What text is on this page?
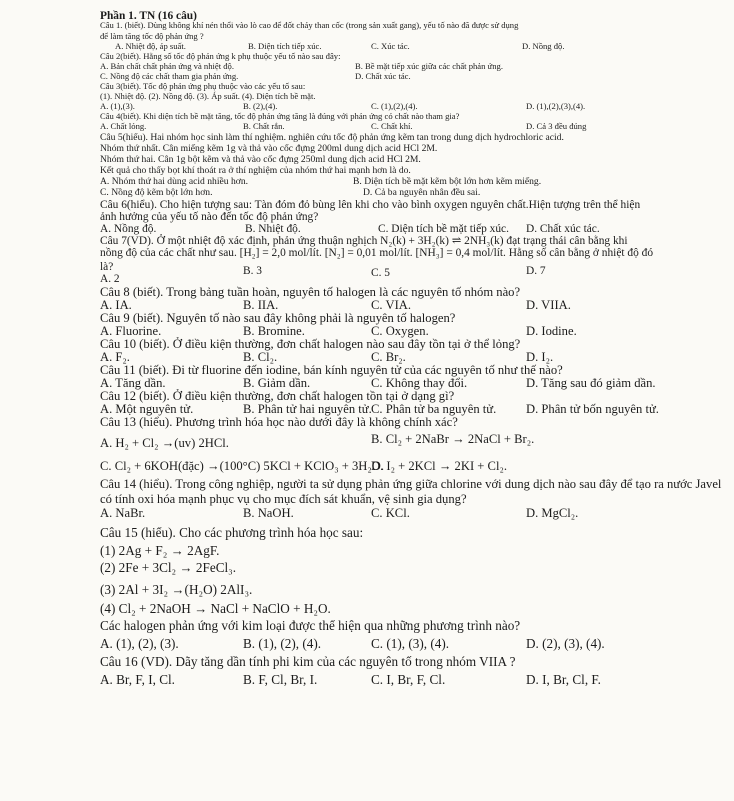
Phần 1. TN (16 câu)
Câu 1. (biết). Dùng không khí nén thổi vào lò cao để đốt cháy than cốc (trong sản xuất gang), yếu tố nào đã được sử dụng
để làm tăng tốc độ phản ứng ?
A. Nhiệt độ, áp suất.	B. Diện tích tiếp xúc.	C. Xúc tác.	D. Nồng độ.
Câu 2(biết). Hằng số tốc độ phản ứng k phụ thuộc yếu tố nào sau đây:
A. Bản chất chất phản ứng và nhiệt độ.	B. Bề mặt tiếp xúc giữa các chất phản ứng.
C. Nồng độ các chất tham gia phản ứng.	D. Chất xúc tác.
Câu 3(biết). Tốc độ phản ứng phụ thuộc vào các yếu tố sau:
(1). Nhiệt độ. (2). Nồng độ. (3). Áp suất. (4). Diện tích bề mặt.
A. (1),(3).	B. (2),(4).	C. (1),(2),(4).	D. (1),(2),(3),(4).
Câu 4(biết). Khi diện tích bề mặt tăng, tốc độ phản ứng tăng là đúng với phản ứng có chất nào tham gia?
A. Chất lỏng.	B. Chất rắn.	C. Chất khí.	D. Cả 3 đều đúng
Câu 5(hiểu). Hai nhóm học sinh làm thí nghiệm. nghiên cứu tốc độ phản ứng kẽm tan trong dung dịch hydrochloric acid.
Nhóm thứ nhất. Cân miếng kẽm 1g và thả vào cốc đựng 200ml dung dịch acid HCl 2M.
Nhóm thứ hai. Cân 1g bột kẽm và thả vào cốc đựng 250ml dung dịch acid HCl 2M.
Kết quả cho thấy bọt khí thoát ra ở thí nghiệm của nhóm thứ hai mạnh hơn là do.
A. Nhóm thứ hai dùng acid nhiều hơn.	B. Diện tích bề mặt kẽm bột lớn hơn kẽm miếng.
C. Nồng độ kẽm bột lớn hơn.	D. Cả ba nguyên nhân đều sai.
Câu 6(hiểu). Cho hiện tượng sau: Tàn đóm đỏ bùng lên khi cho vào bình oxygen nguyên chất.Hiện tượng trên thể hiện
ảnh hưởng của yếu tố nào đến tốc độ phản ứng?
A. Nồng độ.	B. Nhiệt độ.	C. Diện tích bề mặt tiếp xúc. D. Chất xúc tác.
Câu 7(VD). Ở một nhiệt độ xác định, phản ứng thuận nghịch N₂(k) + 3H₂(k) ⇌ 2NH₃(k) đạt trạng thái cân bằng khi
nồng độ của các chất như sau. [H₂] = 2,0 mol/lít. [N₂] = 0,01 mol/lít. [NH₃] = 0,4 mol/lít. Hằng số cân bằng ở nhiệt độ đó
là?
A. 2
B. 3	C. 5	D. 7
Câu 8 (biết). Trong bảng tuần hoàn, nguyên tố halogen là các nguyên tố nhóm nào?
A. IA.	B. IIA.	C. VIA.	D. VIIA.
Câu 9 (biết). Nguyên tố nào sau đây không phải là nguyên tố halogen?
A. Fluorine.	B. Bromine.	C. Oxygen.	D. Iodine.
Câu 10 (biết). Ở điều kiện thường, đơn chất halogen nào sau đây tồn tại ở thể lỏng?
A. F₂.	B. Cl₂.	C. Br₂.	D. I₂.
Câu 11 (biết). Đi từ fluorine đến iodine, bán kính nguyên tử của các nguyên tố như thế nào?
A. Tăng dần.	B. Giảm dần.	C. Không thay đổi.	D. Tăng sau đó giảm dần.
Câu 12 (biết). Ở điều kiện thường, đơn chất halogen tồn tại ở dạng gì?
A. Một nguyên tử.	B. Phân tử hai nguyên tử. C. Phân tử ba nguyên tử. D. Phân tử bốn nguyên tử.
Câu 13 (hiểu). Phương trình hóa học nào dưới đây là không chính xác?
A. H₂ + Cl₂ →(uv) 2HCl.	B. Cl₂ + 2NaBr → 2NaCl + Br₂.
C. Cl₂ + 6KOH(đặc) →(100°C) 5KCl + KClO₃ + 3H₂O.
D. I₂ + 2KCl → 2KI + Cl₂.
Câu 14 (hiểu). Trong công nghiệp, người ta sử dụng phản ứng giữa chlorine với dung dịch nào sau đây để tạo ra nước Javel
có tính oxi hóa mạnh phục vụ cho mục đích sát khuẩn, vệ sinh gia dụng?
A. NaBr.	B. NaOH.	C. KCl.	D. MgCl₂.
Câu 15 (hiểu). Cho các phương trình hóa học sau:
(1) 2Ag + F₂ → 2AgF.
(2) 2Fe + 3Cl₂ → 2FeCl₃.
(3) 2Al + 3I₂ →(H₂O) 2AlI₃.
(4) Cl₂ + 2NaOH → NaCl + NaClO + H₂O.
Các halogen phản ứng với kim loại được thể hiện qua những phương trình nào?
A. (1), (2), (3).	B. (1), (2), (4).	C. (1), (3), (4).	D. (2), (3), (4).
Câu 16 (VD). Dãy tăng dần tính phi kim của các nguyên tố trong nhóm VIIA ?
A. Br, F, I, Cl.	B. F, Cl, Br, I.	C. I, Br, F, Cl.	D. I, Br, Cl, F.
